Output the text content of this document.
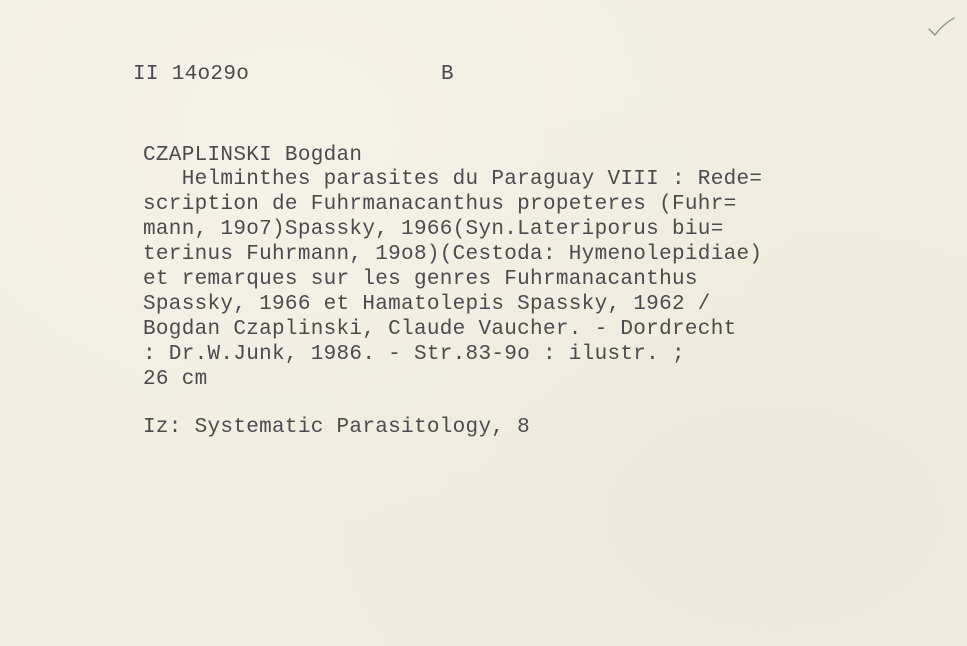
II 14o29o	B
CZAPLINSKI Bogdan
Helminthes parasites du Paraguay VIII : Rede=
scription de Fuhrmanacanthus propeteres (Fuhr=
mann, 19o7)Spassky, 1966(Syn.Lateriporus biu=
terinus Fuhrmann, 19o8)(Cestoda: Hymenolepidiae)
et remarques sur les genres Fuhrmanacanthus
Spassky, 1966 et Hamatolepis Spassky, 1962 /
Bogdan Czaplinski, Claude Vaucher. - Dordrecht
: Dr.W.Junk, 1986. - Str.83-9o : ilustr. ;
26 cm
Iz: Systematic Parasitology, 8
